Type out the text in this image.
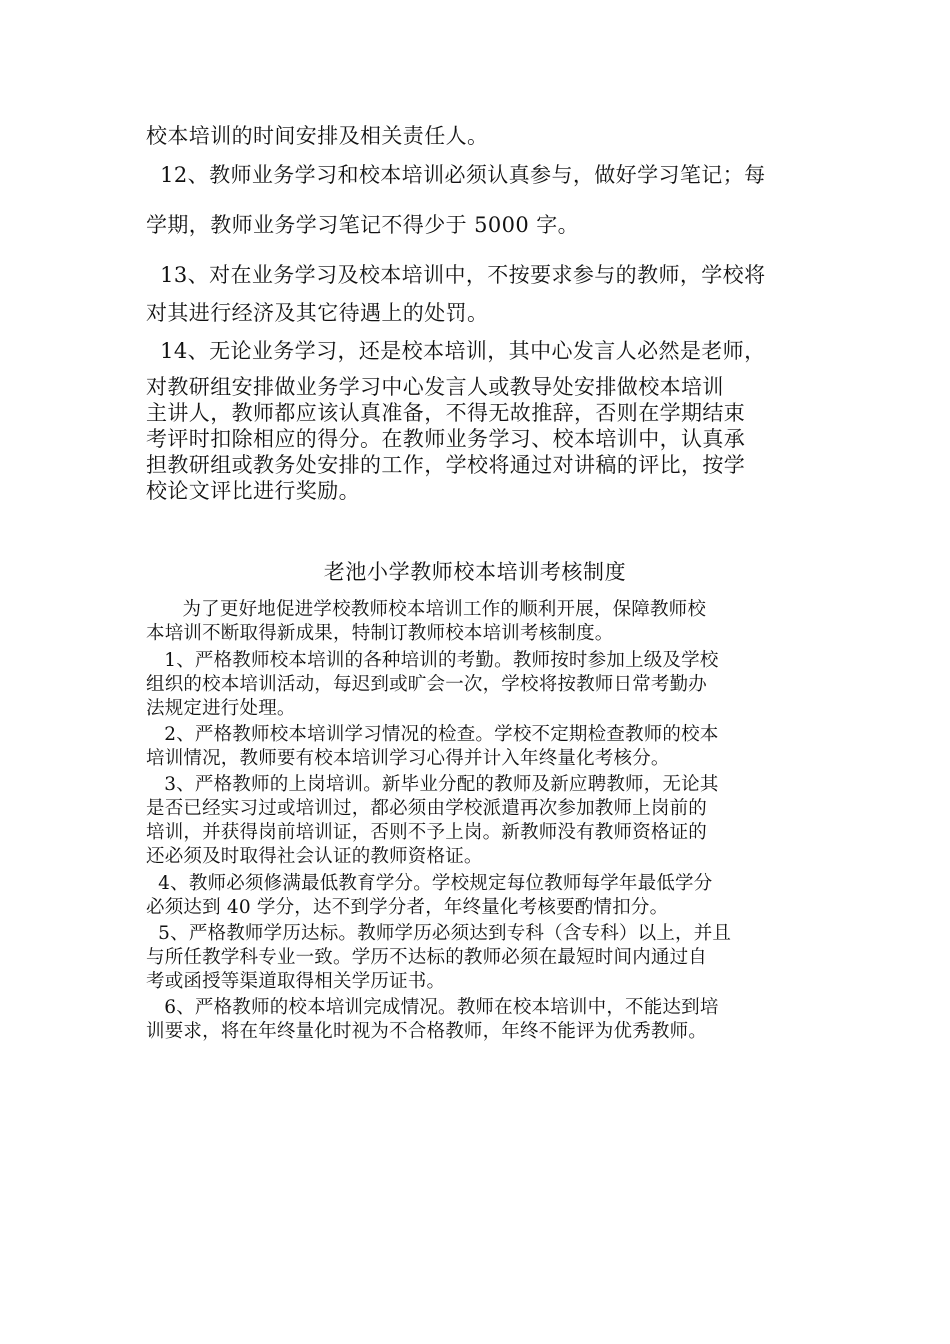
校本培训的时间安排及相关责任人。
12、教师业务学习和校本培训必须认真参与，做好学习笔记；每
学期，教师业务学习笔记不得少于 5000 字。
13、对在业务学习及校本培训中，不按要求参与的教师，学校将
对其进行经济及其它待遇上的处罚。
14、无论业务学习，还是校本培训，其中心发言人必然是老师，
对教研组安排做业务学习中心发言人或教导处安排做校本培训
主讲人，教师都应该认真准备，不得无故推辞，否则在学期结束
考评时扣除相应的得分。在教师业务学习、校本培训中，认真承
担教研组或教务处安排的工作，学校将通过对讲稿的评比，按学
校论文评比进行奖励。
老池小学教师校本培训考核制度
为了更好地促进学校教师校本培训工作的顺利开展，保障教师校
本培训不断取得新成果，特制订教师校本培训考核制度。
1、严格教师校本培训的各种培训的考勤。教师按时参加上级及学校
组织的校本培训活动，每迟到或旷会一次，学校将按教师日常考勤办
法规定进行处理。
2、严格教师校本培训学习情况的检查。学校不定期检查教师的校本
培训情况，教师要有校本培训学习心得并计入年终量化考核分。
3、严格教师的上岗培训。新毕业分配的教师及新应聘教师，无论其
是否已经实习过或培训过，都必须由学校派遣再次参加教师上岗前的
培训，并获得岗前培训证，否则不予上岗。新教师没有教师资格证的
还必须及时取得社会认证的教师资格证。
4、教师必须修满最低教育学分。学校规定每位教师每学年最低学分
必须达到 40 学分，达不到学分者，年终量化考核要酌情扣分。
5、严格教师学历达标。教师学历必须达到专科（含专科）以上，并且
与所任教学科专业一致。学历不达标的教师必须在最短时间内通过自
考或函授等渠道取得相关学历证书。
6、严格教师的校本培训完成情况。教师在校本培训中，不能达到培
训要求，将在年终量化时视为不合格教师，年终不能评为优秀教师。
